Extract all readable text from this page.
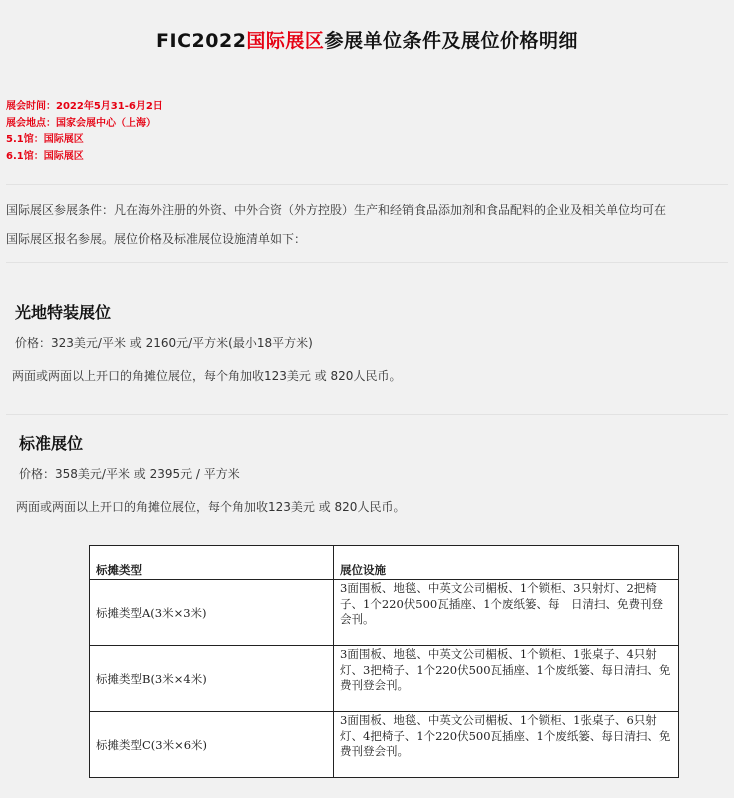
FIC2022国际展区参展单位条件及展位价格明细
展会时间：2022年5月31-6月2日
展会地点：国家会展中心（上海）
5.1馆：国际展区
6.1馆：国际展区
国际展区参展条件：凡在海外注册的外资、中外合资（外方控股）生产和经销食品添加剂和食品配料的企业及相关单位均可在
国际展区报名参展。展位价格及标准展位设施清单如下：
光地特装展位
价格：323美元/平米 或 2160元/平方米(最小18平方米)
两面或两面以上开口的角摊位展位，每个角加收123美元 或 820人民币。
标准展位
价格：358美元/平米 或 2395元 / 平方米
两面或两面以上开口的角摊位展位，每个角加收123美元 或 820人民币。
标摊类型	展位设施
标摊类型A(3米×3米)	3面围板、地毯、中英文公司楣板、1个锁柜、3只射灯、2把椅子、1个220伏500瓦插座、1个废纸篓、每　日清扫、免费刊登会刊。
标摊类型B(3米×4米)	3面围板、地毯、中英文公司楣板、1个锁柜、1张桌子、4只射灯、3把椅子、1个220伏500瓦插座、1个废纸篓、每日清扫、免费刊登会刊。
标摊类型C(3米×6米)	3面围板、地毯、中英文公司楣板、1个锁柜、1张桌子、6只射灯、4把椅子、1个220伏500瓦插座、1个废纸篓、每日清扫、免费刊登会刊。
